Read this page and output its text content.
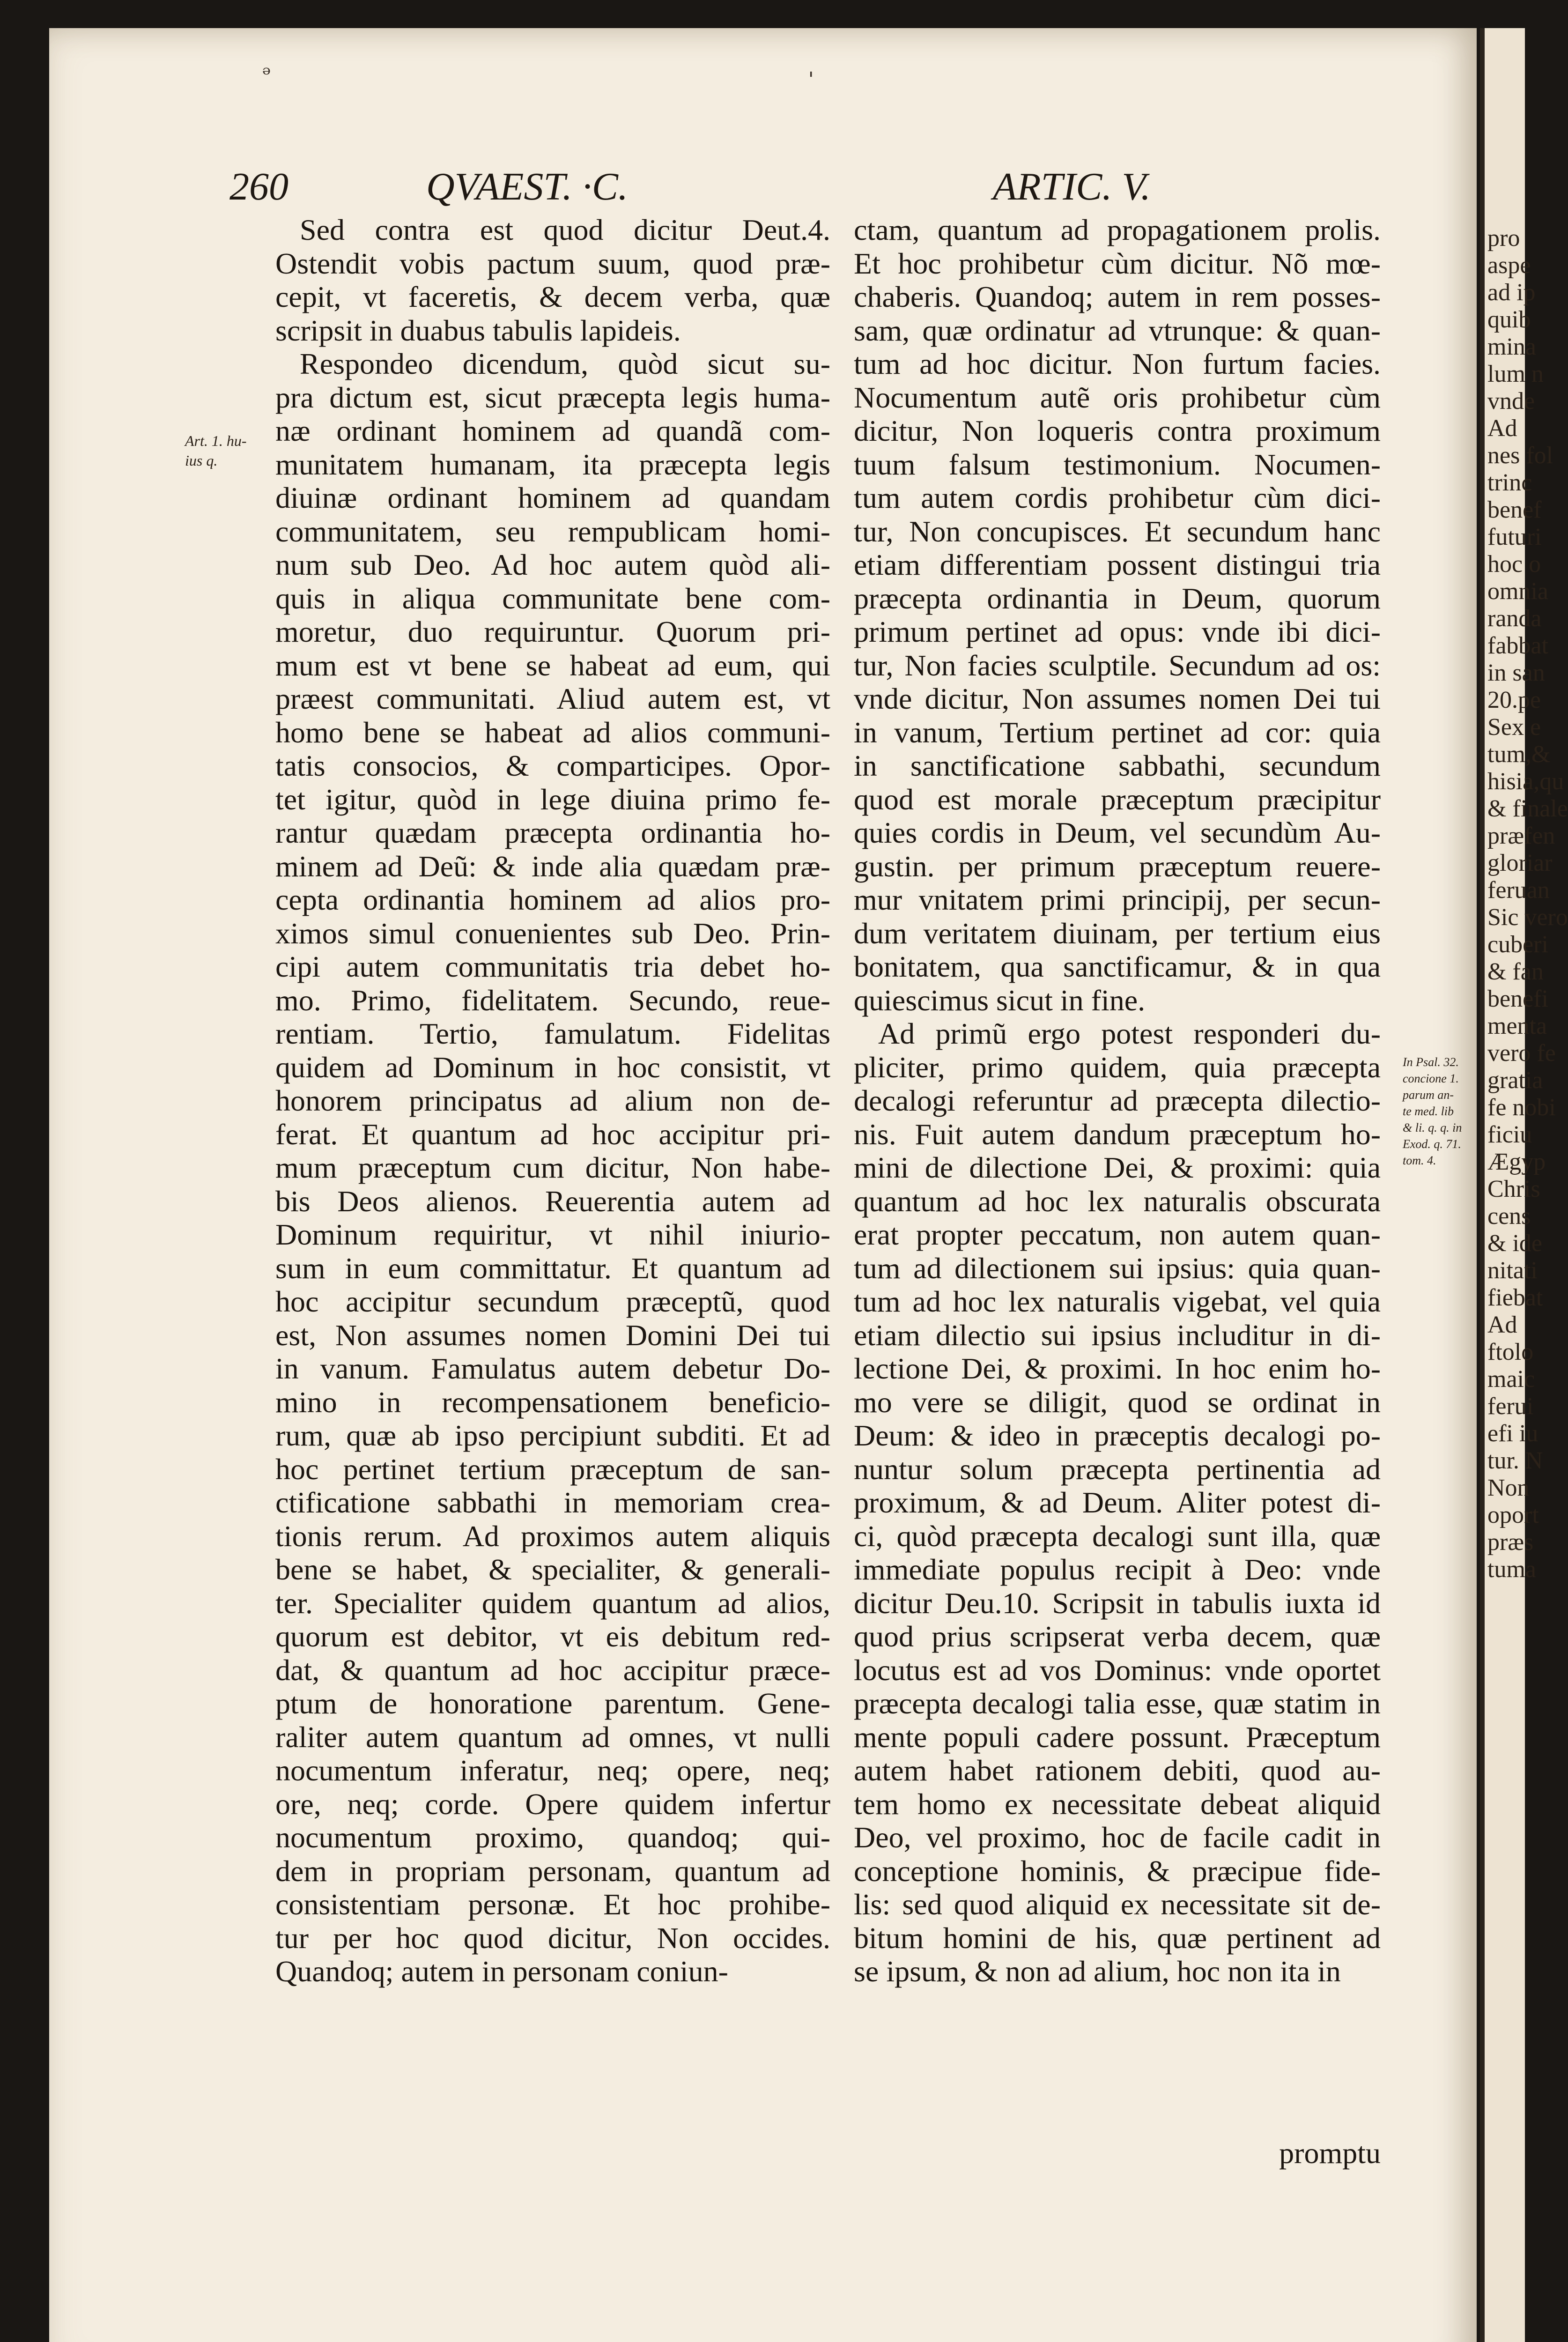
ₔ
ˈ
260	QVAEST. ·C.	ARTIC. V.
Art. 1. hu-
ius q.

Sed contra est quod dicitur Deut.4.
Ostendit vobis pactum suum, quod præ-
cepit, vt faceretis, & decem verba, quæ
scripsit in duabus tabulis lapideis.
Respondeo dicendum, quòd sicut su-
pra dictum est, sicut præcepta legis huma-
næ ordinant hominem ad quandã com-
munitatem humanam, ita præcepta legis
diuinæ ordinant hominem ad quandam
communitatem, seu rempublicam homi-
num sub Deo. Ad hoc autem quòd ali-
quis in aliqua communitate bene com-
moretur, duo requiruntur. Quorum pri-
mum est vt bene se habeat ad eum, qui
præest communitati. Aliud autem est, vt
homo bene se habeat ad alios communi-
tatis consocios, & comparticipes. Opor-
tet igitur, quòd in lege diuina primo fe-
rantur quædam præcepta ordinantia ho-
minem ad Deũ: & inde alia quædam præ-
cepta ordinantia hominem ad alios pro-
ximos simul conuenientes sub Deo. Prin-
cipi autem communitatis tria debet ho-
mo. Primo, fidelitatem. Secundo, reue-
rentiam. Tertio, famulatum. Fidelitas
quidem ad Dominum in hoc consistit, vt
honorem principatus ad alium non de-
ferat. Et quantum ad hoc accipitur pri-
mum præceptum cum dicitur, Non habe-
bis Deos alienos. Reuerentia autem ad
Dominum requiritur, vt nihil iniurio-
sum in eum committatur. Et quantum ad
hoc accipitur secundum præceptũ, quod
est, Non assumes nomen Domini Dei tui
in vanum. Famulatus autem debetur Do-
mino in recompensationem beneficio-
rum, quæ ab ipso percipiunt subditi. Et ad
hoc pertinet tertium præceptum de san-
ctificatione sabbathi in memoriam crea-
tionis rerum. Ad proximos autem aliquis
bene se habet, & specialiter, & generali-
ter. Specialiter quidem quantum ad alios,
quorum est debitor, vt eis debitum red-
dat, & quantum ad hoc accipitur præce-
ptum de honoratione parentum. Gene-
raliter autem quantum ad omnes, vt nulli
nocumentum inferatur, neq; opere, neq;
ore, neq; corde. Opere quidem infertur
nocumentum proximo, quandoq; qui-
dem in propriam personam, quantum ad
consistentiam personæ. Et hoc prohibe-
tur per hoc quod dicitur, Non occides.
Quandoq; autem in personam coniun-
ctam, quantum ad propagationem prolis.
Et hoc prohibetur cùm dicitur. Nõ mœ-
chaberis. Quandoq; autem in rem posses-
sam, quæ ordinatur ad vtrunque: & quan-
tum ad hoc dicitur. Non furtum facies.
Nocumentum autẽ oris prohibetur cùm
dicitur, Non loqueris contra proximum
tuum falsum testimonium. Nocumen-
tum autem cordis prohibetur cùm dici-
tur, Non concupisces. Et secundum hanc
etiam differentiam possent distingui tria
præcepta ordinantia in Deum, quorum
primum pertinet ad opus: vnde ibi dici-
tur, Non facies sculptile. Secundum ad os:
vnde dicitur, Non assumes nomen Dei tui
in vanum, Tertium pertinet ad cor: quia
in sanctificatione sabbathi, secundum
quod est morale præceptum præcipitur
quies cordis in Deum, vel secundùm Au-
gustin. per primum præceptum reuere-
mur vnitatem primi principij, per secun-
dum veritatem diuinam, per tertium eius
bonitatem, qua sanctificamur, & in qua
quiescimus sicut in fine.
Ad primũ ergo potest responderi du-
pliciter, primo quidem, quia præcepta
decalogi referuntur ad præcepta dilectio-
nis. Fuit autem dandum præceptum ho-
mini de dilectione Dei, & proximi: quia
quantum ad hoc lex naturalis obscurata
erat propter peccatum, non autem quan-
tum ad dilectionem sui ipsius: quia quan-
tum ad hoc lex naturalis vigebat, vel quia
etiam dilectio sui ipsius includitur in di-
lectione Dei, & proximi. In hoc enim ho-
mo vere se diligit, quod se ordinat in
Deum: & ideo in præceptis decalogi po-
nuntur solum præcepta pertinentia ad
proximum, & ad Deum. Aliter potest di-
ci, quòd præcepta decalogi sunt illa, quæ
immediate populus recipit à Deo: vnde
dicitur Deu.10. Scripsit in tabulis iuxta id
quod prius scripserat verba decem, quæ
locutus est ad vos Dominus: vnde oportet
præcepta decalogi talia esse, quæ statim in
mente populi cadere possunt. Præceptum
autem habet rationem debiti, quod au-
tem homo ex necessitate debeat aliquid
Deo, vel proximo, hoc de facile cadit in
conceptione hominis, & præcipue fide-
lis: sed quod aliquid ex necessitate sit de-
bitum homini de his, quæ pertinent ad
se ipsum, & non ad alium, hoc non ita in
In Psal. 32.
concione 1.
parum an-
te med. lib
& li. q. q. in
Exod. q. 71.
tom. 4.

promptu
pro
aspe
ad ip
quib
mina
lum n
vnde
Ad
nes fol
trinc
benef
futuri
hoc o
omnia
randa
fabbat
in san
20.pe
Sex e
tum,&
hisia,qu
& finale
præfen
gloriar
feruan
Sic vero
cuberi
& fan
benefi
menta
vero fe
gratia
fe nobi
ficiu
Ægyp
Chris
cens
& ide
nitati
fiebat
Ad
ftolo
maic
ferui
efi iu
tur. N
Non
oport
præs
tuma
